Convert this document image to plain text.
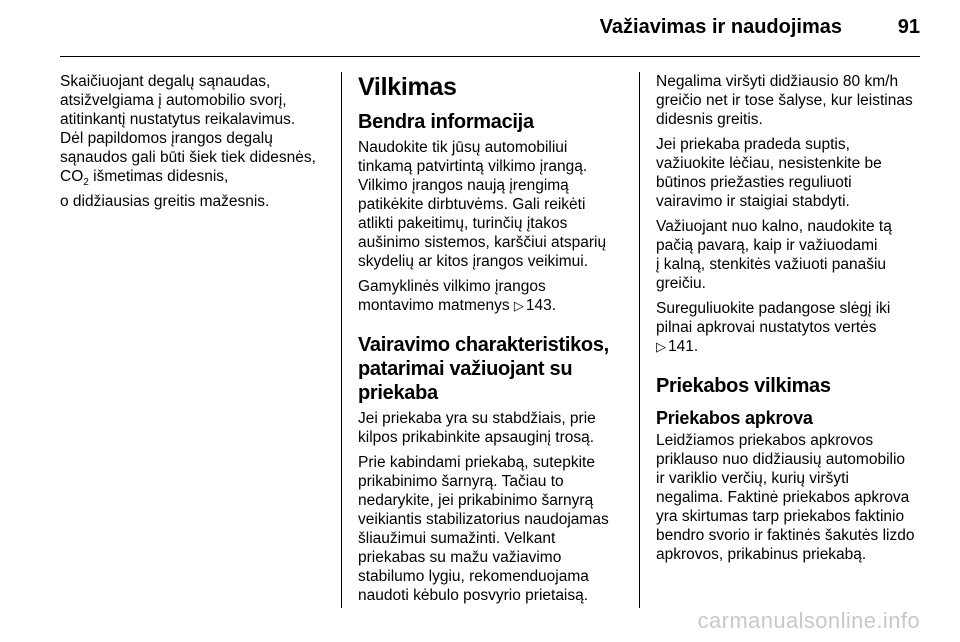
Važiavimas ir naudojimas	91

Skaičiuojant degalų sąnaudas,
atsižvelgiama į automobilio svorį,
atitinkantį nustatytus reikalavimus.
Dėl papildomos įrangos degalų
sąnaudos gali būti šiek tiek didesnės,
$CO_2$ išmetimas didesnis,

o didžiausias greitis mažesnis.

Vilkimas
Bendra informacija

Naudokite tik jūsų automobiliui
tinkamą patvirtintą vilkimo įrangą.
Vilkimo įrangos naują įrengimą
patikėkite dirbtuvėms. Gali reikėti
atlikti pakeitimų, turinčių įtakos
aušinimo sistemos, karščiui atsparių
skydelių ar kitos įrangos veikimui.

Gamyklinės vilkimo įrangos
montavimo matmenys ▷ 143.

Vairavimo charakteristikos,
patarimai važiuojant su
priekaba

Jei priekaba yra su stabdžiais, prie
kilpos prikabinkite apsauginį trosą.

Prie kabindami priekabą, sutepkite
prikabinimo šarnyrą. Tačiau to
nedarykite, jei prikabinimo šarnyrą
veikiantis stabilizatorius naudojamas
šliaužimui sumažinti. Velkant
priekabas su mažu važiavimo
stabilumo lygiu, rekomenduojama
naudoti kėbulo posvyrio prietaisą.

Negalima viršyti didžiausio 80 km/h
greičio net ir tose šalyse, kur leistinas
didesnis greitis.

Jei priekaba pradeda suptis,
važiuokite lėčiau, nesistenkite be
būtinos priežasties reguliuoti
vairavimo ir staigiai stabdyti.

Važiuojant nuo kalno, naudokite tą
pačią pavarą, kaip ir važiuodami
į kalną, stenkitės važiuoti panašiu
greičiu.

Sureguliuokite padangose slėgį iki
pilnai apkrovai nustatytos vertės
▷ 141.

Priekabos vilkimas
Priekabos apkrova

Leidžiamos priekabos apkrovos
priklauso nuo didžiausių automobilio
ir variklio verčių, kurių viršyti
negalima. Faktinė priekabos apkrova
yra skirtumas tarp priekabos faktinio
bendro svorio ir faktinės šakutės lizdo
apkrovos, prikabinus priekabą.

carmanualsonline.info
